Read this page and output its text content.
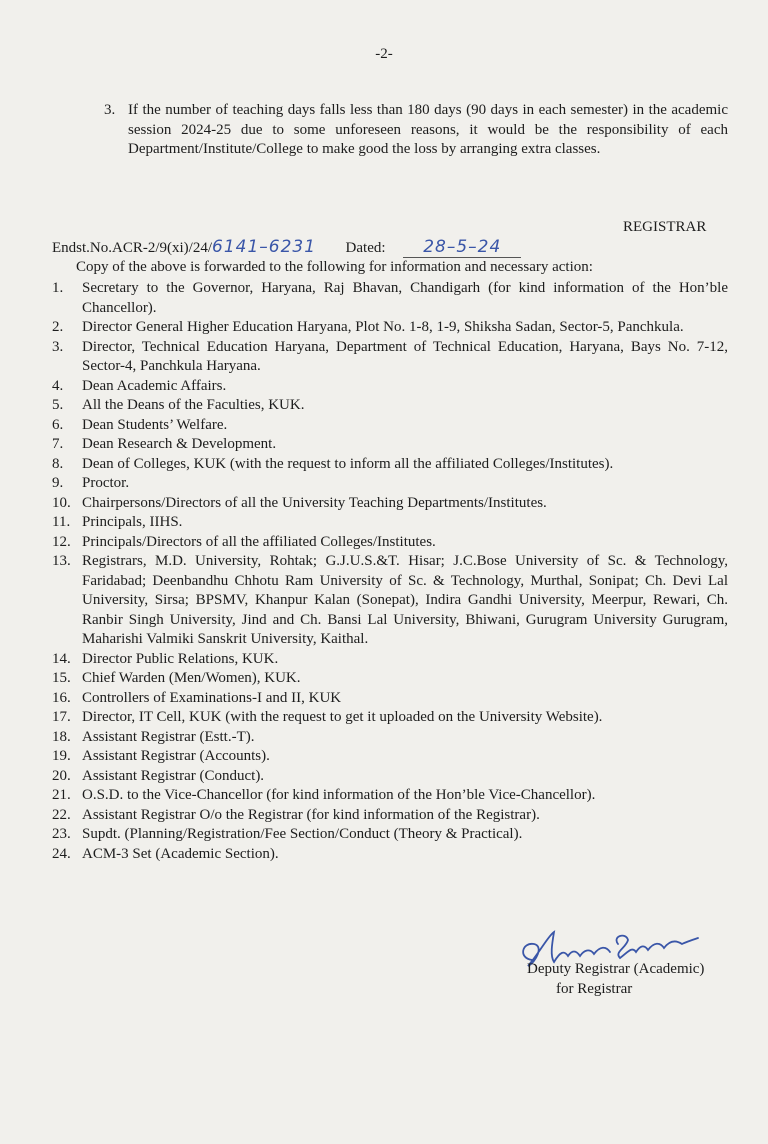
-2-
3. If the number of teaching days falls less than 180 days (90 days in each semester) in the academic session 2024-25 due to some unforeseen reasons, it would be the responsibility of each Department/Institute/College to make good the loss by arranging extra classes.
REGISTRAR
Endst.No.ACR-2/9(xi)/24/6141–6231 Dated: 28–5–24
Copy of the above is forwarded to the following for information and necessary action:
1. Secretary to the Governor, Haryana, Raj Bhavan, Chandigarh (for kind information of the Hon’ble Chancellor).
2. Director General Higher Education Haryana, Plot No. 1-8, 1-9, Shiksha Sadan, Sector-5, Panchkula.
3. Director, Technical Education Haryana, Department of Technical Education, Haryana, Bays No. 7-12, Sector-4, Panchkula Haryana.
4. Dean Academic Affairs.
5. All the Deans of the Faculties, KUK.
6. Dean Students’ Welfare.
7. Dean Research & Development.
8. Dean of Colleges, KUK (with the request to inform all the affiliated Colleges/Institutes).
9. Proctor.
10. Chairpersons/Directors of all the University Teaching Departments/Institutes.
11. Principals, IIHS.
12. Principals/Directors of all the affiliated Colleges/Institutes.
13. Registrars, M.D. University, Rohtak; G.J.U.S.&T. Hisar; J.C.Bose University of Sc. & Technology, Faridabad; Deenbandhu Chhotu Ram University of Sc. & Technology, Murthal, Sonipat; Ch. Devi Lal University, Sirsa; BPSMV, Khanpur Kalan (Sonepat), Indira Gandhi University, Meerpur, Rewari, Ch. Ranbir Singh University, Jind and Ch. Bansi Lal University, Bhiwani, Gurugram University Gurugram, Maharishi Valmiki Sanskrit University, Kaithal.
14. Director Public Relations, KUK.
15. Chief Warden (Men/Women), KUK.
16. Controllers of Examinations-I and II, KUK
17. Director, IT Cell, KUK (with the request to get it uploaded on the University Website).
18. Assistant Registrar (Estt.-T).
19. Assistant Registrar (Accounts).
20. Assistant Registrar (Conduct).
21. O.S.D. to the Vice-Chancellor (for kind information of the Hon’ble Vice-Chancellor).
22. Assistant Registrar O/o the Registrar (for kind information of the Registrar).
23. Supdt. (Planning/Registration/Fee Section/Conduct (Theory & Practical).
24. ACM-3 Set (Academic Section).
Deputy Registrar (Academic)
for Registrar
